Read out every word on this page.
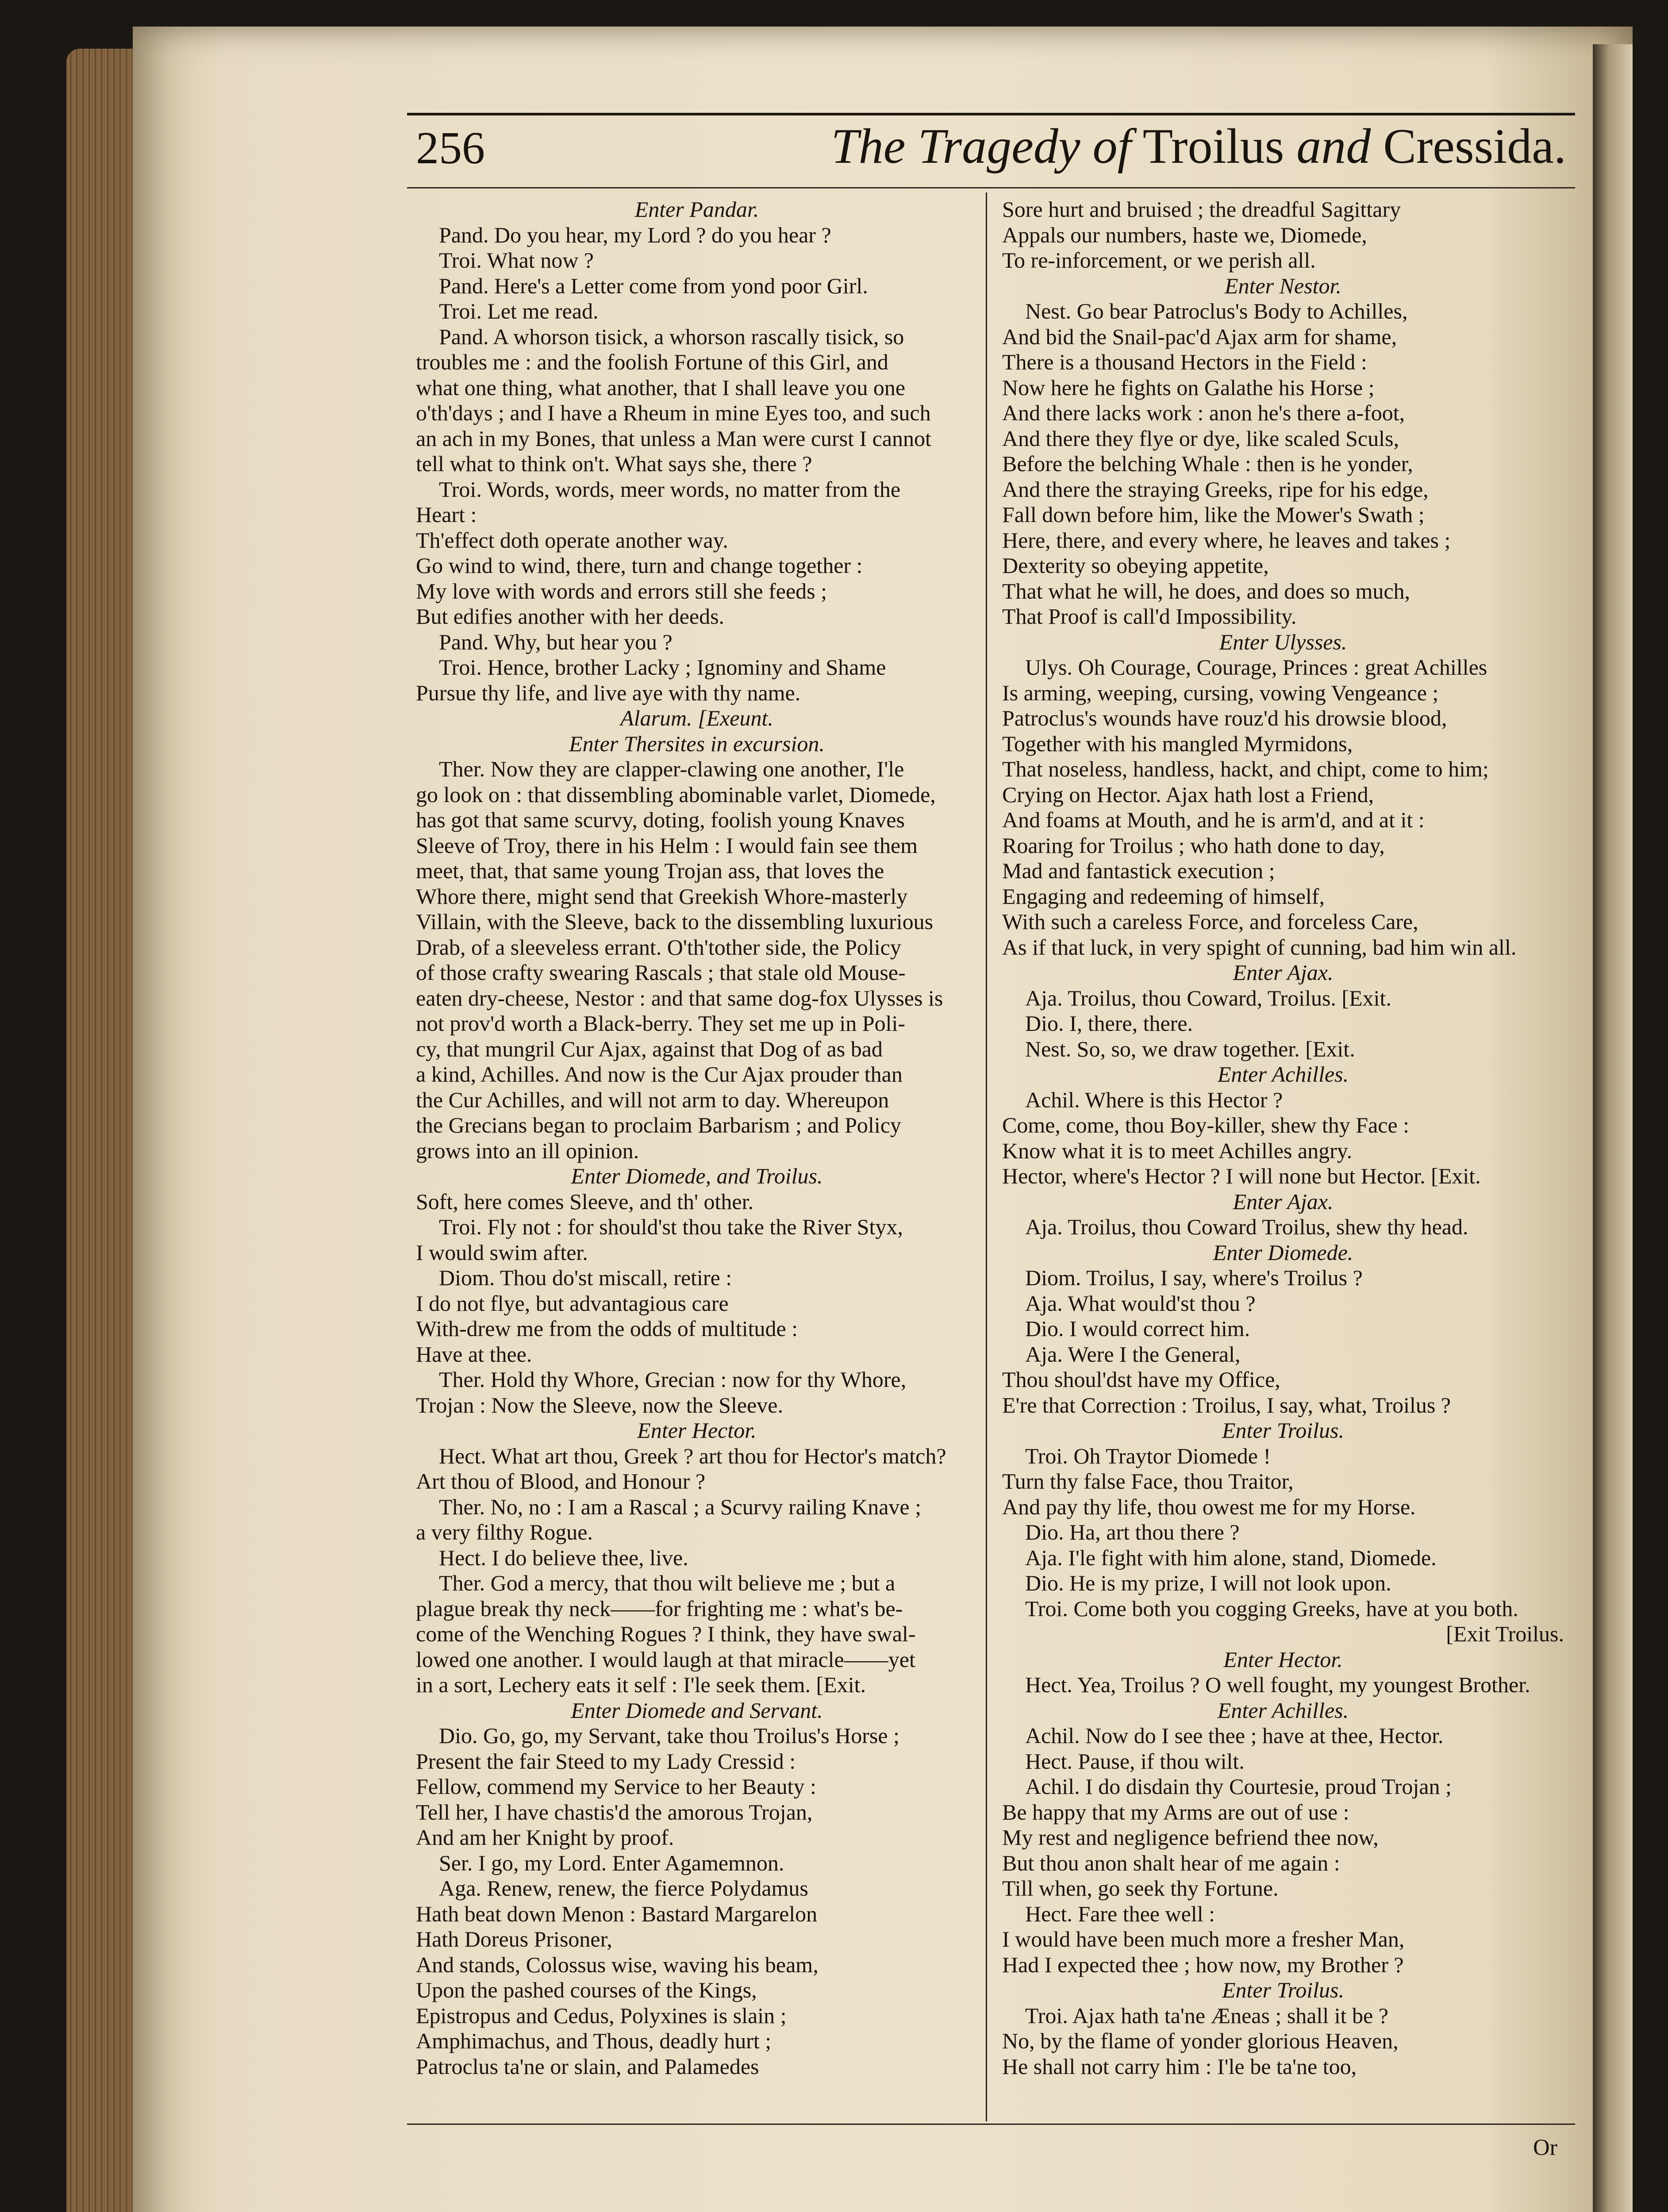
256	The Tragedy of Troilus and Cressida.
Enter Pandar.
Pand. Do you hear, my Lord ? do you hear ?
Troi. What now ?
Pand. Here's a Letter come from yond poor Girl.
Troi. Let me read.
Pand. A whorson tisick, a whorson rascally tisick, so
troubles me : and the foolish Fortune of this Girl, and
what one thing, what another, that I shall leave you one
o'th'days ; and I have a Rheum in mine Eyes too, and such
an ach in my Bones, that unless a Man were curst I cannot
tell what to think on't. What says she, there ?
Troi. Words, words, meer words, no matter from the
Heart :
Th'effect doth operate another way.
Go wind to wind, there, turn and change together :
My love with words and errors still she feeds ;
But edifies another with her deeds.
Pand. Why, but hear you ?
Troi. Hence, brother Lacky ; Ignominy and Shame
Pursue thy life, and live aye with thy name.
Alarum. [Exeunt.
Enter Thersites in excursion.
Ther. Now they are clapper-clawing one another, I'le
go look on : that dissembling abominable varlet, Diomede,
has got that same scurvy, doting, foolish young Knaves
Sleeve of Troy, there in his Helm : I would fain see them
meet, that, that same young Trojan ass, that loves the
Whore there, might send that Greekish Whore-masterly
Villain, with the Sleeve, back to the dissembling luxurious
Drab, of a sleeveless errant. O'th'tother side, the Policy
of those crafty swearing Rascals ; that stale old Mouse-
eaten dry-cheese, Nestor : and that same dog-fox Ulysses is
not prov'd worth a Black-berry. They set me up in Poli-
cy, that mungril Cur Ajax, against that Dog of as bad
a kind, Achilles. And now is the Cur Ajax prouder than
the Cur Achilles, and will not arm to day. Whereupon
the Grecians began to proclaim Barbarism ; and Policy
grows into an ill opinion.
Enter Diomede, and Troilus.
Soft, here comes Sleeve, and th' other.
Troi. Fly not : for should'st thou take the River Styx,
I would swim after.
Diom. Thou do'st miscall, retire :
I do not flye, but advantagious care
With-drew me from the odds of multitude :
Have at thee.
Ther. Hold thy Whore, Grecian : now for thy Whore,
Trojan : Now the Sleeve, now the Sleeve.
Enter Hector.
Hect. What art thou, Greek ? art thou for Hector's match?
Art thou of Blood, and Honour ?
Ther. No, no : I am a Rascal ; a Scurvy railing Knave ;
a very filthy Rogue.
Hect. I do believe thee, live.
Ther. God a mercy, that thou wilt believe me ; but a
plague break thy neck——for frighting me : what's be-
come of the Wenching Rogues ? I think, they have swal-
lowed one another. I would laugh at that miracle——yet
in a sort, Lechery eats it self : I'le seek them. [Exit.
Enter Diomede and Servant.
Dio. Go, go, my Servant, take thou Troilus's Horse ;
Present the fair Steed to my Lady Cressid :
Fellow, commend my Service to her Beauty :
Tell her, I have chastis'd the amorous Trojan,
And am her Knight by proof.
Ser. I go, my Lord. Enter Agamemnon.
Aga. Renew, renew, the fierce Polydamus
Hath beat down Menon : Bastard Margarelon
Hath Doreus Prisoner,
And stands, Colossus wise, waving his beam,
Upon the pashed courses of the Kings,
Epistropus and Cedus, Polyxines is slain ;
Amphimachus, and Thous, deadly hurt ;
Patroclus ta'ne or slain, and Palamedes
Sore hurt and bruised ; the dreadful Sagittary
Appals our numbers, haste we, Diomede,
To re-inforcement, or we perish all.
Enter Nestor.
Nest. Go bear Patroclus's Body to Achilles,
And bid the Snail-pac'd Ajax arm for shame,
There is a thousand Hectors in the Field :
Now here he fights on Galathe his Horse ;
And there lacks work : anon he's there a-foot,
And there they flye or dye, like scaled Sculs,
Before the belching Whale : then is he yonder,
And there the straying Greeks, ripe for his edge,
Fall down before him, like the Mower's Swath ;
Here, there, and every where, he leaves and takes ;
Dexterity so obeying appetite,
That what he will, he does, and does so much,
That Proof is call'd Impossibility.
Enter Ulysses.
Ulys. Oh Courage, Courage, Princes : great Achilles
Is arming, weeping, cursing, vowing Vengeance ;
Patroclus's wounds have rouz'd his drowsie blood,
Together with his mangled Myrmidons,
That noseless, handless, hackt, and chipt, come to him;
Crying on Hector. Ajax hath lost a Friend,
And foams at Mouth, and he is arm'd, and at it :
Roaring for Troilus ; who hath done to day,
Mad and fantastick execution ;
Engaging and redeeming of himself,
With such a careless Force, and forceless Care,
As if that luck, in very spight of cunning, bad him win all.
Enter Ajax.
Aja. Troilus, thou Coward, Troilus. [Exit.
Dio. I, there, there.
Nest. So, so, we draw together. [Exit.
Enter Achilles.
Achil. Where is this Hector ?
Come, come, thou Boy-killer, shew thy Face :
Know what it is to meet Achilles angry.
Hector, where's Hector ? I will none but Hector. [Exit.
Enter Ajax.
Aja. Troilus, thou Coward Troilus, shew thy head.
Enter Diomede.
Diom. Troilus, I say, where's Troilus ?
Aja. What would'st thou ?
Dio. I would correct him.
Aja. Were I the General,
Thou shoul'dst have my Office,
E're that Correction : Troilus, I say, what, Troilus ?
Enter Troilus.
Troi. Oh Traytor Diomede !
Turn thy false Face, thou Traitor,
And pay thy life, thou owest me for my Horse.
Dio. Ha, art thou there ?
Aja. I'le fight with him alone, stand, Diomede.
Dio. He is my prize, I will not look upon.
Troi. Come both you cogging Greeks, have at you both.
[Exit Troilus.
Enter Hector.
Hect. Yea, Troilus ? O well fought, my youngest Brother.
Enter Achilles.
Achil. Now do I see thee ; have at thee, Hector.
Hect. Pause, if thou wilt.
Achil. I do disdain thy Courtesie, proud Trojan ;
Be happy that my Arms are out of use :
My rest and negligence befriend thee now,
But thou anon shalt hear of me again :
Till when, go seek thy Fortune.
Hect. Fare thee well :
I would have been much more a fresher Man,
Had I expected thee ; how now, my Brother ?
Enter Troilus.
Troi. Ajax hath ta'ne Æneas ; shall it be ?
No, by the flame of yonder glorious Heaven,
He shall not carry him : I'le be ta'ne too,
Or
